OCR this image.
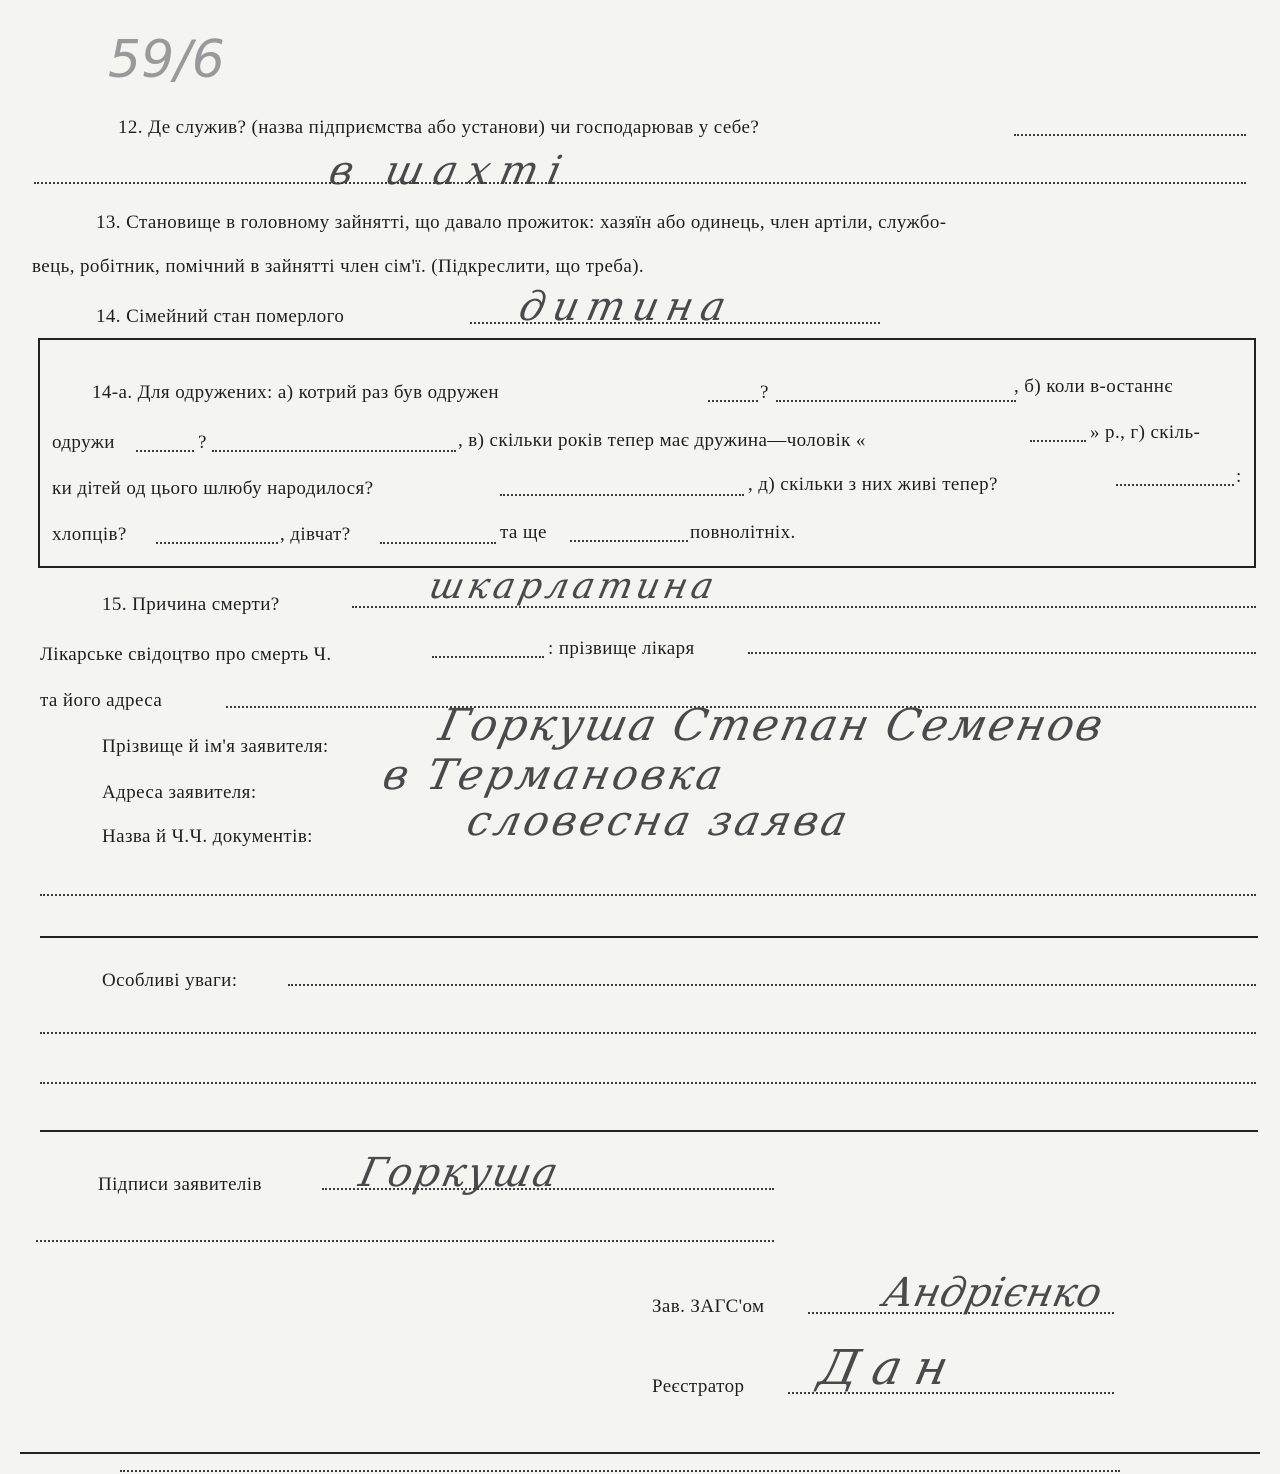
59/6
12. Де служив? (назва підприємства або установи) чи господарював у себе?
в шахті
13. Становище в головному зайнятті, що давало прожиток: хазяїн або одинець, член артіли, службо-
вець, робітник, помічний в зайнятті член сім'ї. (Підкреслити, що треба).
14. Сімейний стан померлого	дитина
14-а. Для одружених: а) котрий раз був одружен	?	, б) коли в-останнє
одружи	?	, в) скільки років тепер має дружина—чоловік «	» р., г) скіль-
ки дітей од цього шлюбу народилося?	, д) скільки з них живі тепер?	:
хлопців?	, дівчат?	та ще	повнолітніх.
15. Причина смерти?	шкарлатина
Лікарське свідоцтво про смерть Ч.	: прізвище лікаря
та його адреса
Прізвище й ім'я заявителя: Горкуша Степан Семенов
Адреса заявителя:	в Термановка
Назва й Ч.Ч. документів:	словесна заява
Особливі уваги:
Підписи заявителів Горкуша
Зав. ЗАГС'ом	Андрієнко
Реєстратор Дан
